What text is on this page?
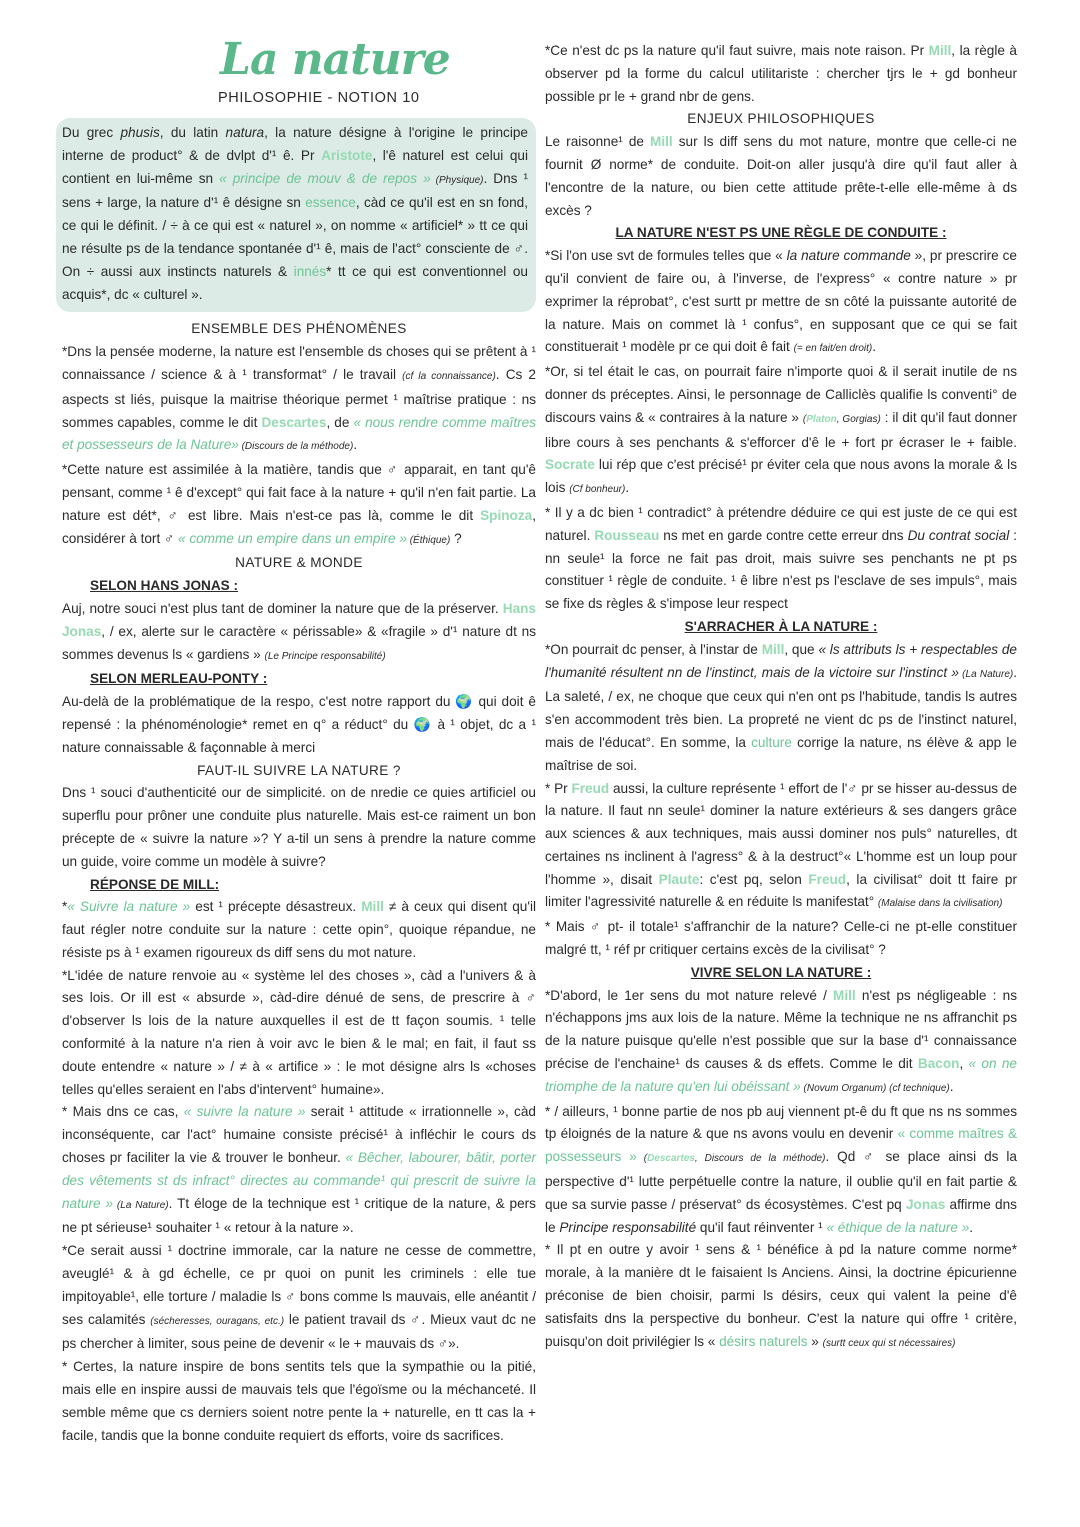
La nature
PHILOSOPHIE - NOTION 10

Du grec phusis, du latin natura, la nature désigne à l'origine le principe interne de product° & de dvlpt d'¹ ê. Pr Aristote, l'ê naturel est celui qui contient en lui-même sn « principe de mouv & de repos » (Physique). Dns ¹ sens + large, la nature d'¹ ê désigne sn essence, càd ce qu'il est en sn fond, ce qui le définit. / ÷ à ce qui est « naturel », on nomme « artificiel* » tt ce qui ne résulte ps de la tendance spontanée d'¹ ê, mais de l'act° consciente de ♂. On ÷ aussi aux instincts naturels & innés* tt ce qui est conventionnel ou acquis*, dc « culturel ».

ENSEMBLE DES PHÉNOMÈNES

*Dns la pensée moderne, la nature est l'ensemble ds choses qui se prêtent à ¹ connaissance / science & à ¹ transformat° / le travail (cf la connaissance). Cs 2 aspects st liés, puisque la maitrise théorique permet ¹ maîtrise pratique : ns sommes capables, comme le dit Descartes, de « nous rendre comme maîtres et possesseurs de la Nature» (Discours de la méthode).

*Cette nature est assimilée à la matière, tandis que ♂ apparait, en tant qu'ê pensant, comme ¹ ê d'except° qui fait face à la nature + qu'il n'en fait partie. La nature est dét*, ♂ est libre. Mais n'est-ce pas là, comme le dit Spinoza, considérer à tort ♂ « comme un empire dans un empire » (Éthique) ?

NATURE & MONDE
SELON HANS JONAS :

Auj, notre souci n'est plus tant de dominer la nature que de la préserver. Hans Jonas, / ex, alerte sur le caractère « périssable» & «fragile » d'¹ nature dt ns sommes devenus ls « gardiens » (Le Principe responsabilité)

SELON MERLEAU-PONTY :

Au-delà de la problématique de la respo, c'est notre rapport du 🌍 qui doit ê repensé : la phénoménologie* remet en q° a réduct° du 🌍 à ¹ objet, dc a ¹ nature connaissable & façonnable à merci

FAUT-IL SUIVRE LA NATURE ?

Dns ¹ souci d'authenticité our de simplicité. on de nredie ce quies artificiel ou superflu pour prôner une conduite plus naturelle. Mais est-ce raiment un bon précepte de « suivre la nature »? Y a-til un sens à prendre la nature comme un guide, voire comme un modèle à suivre?

RÉPONSE DE MILL:

*« Suivre la nature » est ¹ précepte désastreux. Mill ≠ à ceux qui disent qu'il faut régler notre conduite sur la nature : cette opin°, quoique répandue, ne résiste ps à ¹ examen rigoureux ds diff sens du mot nature.

*L'idée de nature renvoie au « système lel des choses », càd a l'univers & à ses lois. Or ill est « absurde », càd-dire dénué de sens, de prescrire à ♂ d'observer ls lois de la nature auxquelles il est de tt façon soumis. ¹ telle conformité à la nature n'a rien à voir avc le bien & le mal; en fait, il faut ss doute entendre « nature » / ≠ à « artifice » : le mot désigne alrs ls «choses telles qu'elles seraient en l'abs d'intervent° humaine».

* Mais dns ce cas, « suivre la nature » serait ¹ attitude « irrationnelle », càd inconséquente, car l'act° humaine consiste précisé¹ à infléchir le cours ds choses pr faciliter la vie & trouver le bonheur. « Bêcher, labourer, bâtir, porter des vêtements st ds infract° directes au commande¹ qui prescrit de suivre la nature » (La Nature). Tt éloge de la technique est ¹ critique de la nature, & pers ne pt sérieuse¹ souhaiter ¹ « retour à la nature ».

*Ce serait aussi ¹ doctrine immorale, car la nature ne cesse de commettre, aveuglé¹ & à gd échelle, ce pr quoi on punit les criminels : elle tue impitoyable¹, elle torture / maladie ls ♂ bons comme ls mauvais, elle anéantit / ses calamités (sécheresses, ouragans, etc.) le patient travail ds ♂. Mieux vaut dc ne ps chercher à limiter, sous peine de devenir « le + mauvais ds ♂».

* Certes, la nature inspire de bons sentits tels que la sympathie ou la pitié, mais elle en inspire aussi de mauvais tels que l'égoïsme ou la méchanceté. Il semble même que cs derniers soient notre pente la + naturelle, en tt cas la + facile, tandis que la bonne conduite requiert ds efforts, voire ds sacrifices.

*Ce n'est dc ps la nature qu'il faut suivre, mais note raison. Pr Mill, la règle à observer pd la forme du calcul utilitariste : chercher tjrs le + gd bonheur possible pr le + grand nbr de gens.

ENJEUX PHILOSOPHIQUES

Le raisonne¹ de Mill sur ls diff sens du mot nature, montre que celle-ci ne fournit Ø norme* de conduite. Doit-on aller jusqu'à dire qu'il faut aller à l'encontre de la nature, ou bien cette attitude prête-t-elle elle-même à ds excès ?

LA NATURE N'EST PS UNE RÈGLE DE CONDUITE :

*Si l'on use svt de formules telles que « la nature commande », pr prescrire ce qu'il convient de faire ou, à l'inverse, de l'express° « contre nature » pr exprimer la réprobat°, c'est surtt pr mettre de sn côté la puissante autorité de la nature. Mais on commet là ¹ confus°, en supposant que ce qui se fait constituerait ¹ modèle pr ce qui doit ê fait (= en fait/en droit).

*Or, si tel était le cas, on pourrait faire n'importe quoi & il serait inutile de ns donner ds préceptes. Ainsi, le personnage de Calliclès qualifie ls conventi° de discours vains & « contraires à la nature » (Platon, Gorgias) : il dit qu'il faut donner libre cours à ses penchants & s'efforcer d'ê le + fort pr écraser le + faible. Socrate lui rép que c'est précisé¹ pr éviter cela que nous avons la morale & ls lois (Cf bonheur).

* Il y a dc bien ¹ contradict° à prétendre déduire ce qui est juste de ce qui est naturel. Rousseau ns met en garde contre cette erreur dns Du contrat social : nn seule¹ la force ne fait pas droit, mais suivre ses penchants ne pt ps constituer ¹ règle de conduite. ¹ ê libre n'est ps l'esclave de ses impuls°, mais se fixe ds règles & s'impose leur respect

S'ARRACHER À LA NATURE :

*On pourrait dc penser, à l'instar de Mill, que « ls attributs ls + respectables de l'humanité résultent nn de l'instinct, mais de la victoire sur l'instinct » (La Nature). La saleté, / ex, ne choque que ceux qui n'en ont ps l'habitude, tandis ls autres s'en accommodent très bien. La propreté ne vient dc ps de l'instinct naturel, mais de l'éducat°. En somme, la culture corrige la nature, ns élève & app le maîtrise de soi.

* Pr Freud aussi, la culture représente ¹ effort de l'♂ pr se hisser au-dessus de la nature. Il faut nn seule¹ dominer la nature extérieurs & ses dangers grâce aux sciences & aux techniques, mais aussi dominer nos puls° naturelles, dt certaines ns inclinent à l'agress° & à la destruct°« L'homme est un loup pour l'homme », disait Plaute: c'est pq, selon Freud, la civilisat° doit tt faire pr limiter l'agressivité naturelle & en réduite ls manifestat° (Malaise dans la civilisation)

* Mais ♂ pt- il totale¹ s'affranchir de la nature? Celle-ci ne pt-elle constituer malgré tt, ¹ réf pr critiquer certains excès de la civilisat° ?

VIVRE SELON LA NATURE :

*D'abord, le 1er sens du mot nature relevé / Mill n'est ps négligeable : ns n'échappons jms aux lois de la nature. Même la technique ne ns affranchit ps de la nature puisque qu'elle n'est possible que sur la base d'¹ connaissance précise de l'enchaine¹ ds causes & ds effets. Comme le dit Bacon, « on ne triomphe de la nature qu'en lui obéissant » (Novum Organum) (cf technique).

* / ailleurs, ¹ bonne partie de nos pb auj viennent pt-ê du ft que ns ns sommes tp éloignés de la nature & que ns avons voulu en devenir « comme maîtres & possesseurs » (Descartes, Discours de la méthode). Qd ♂ se place ainsi ds la perspective d'¹ lutte perpétuelle contre la nature, il oublie qu'il en fait partie & que sa survie passe / préservat° ds écosystèmes. C'est pq Jonas affirme dns le Principe responsabilité qu'il faut réinventer ¹ « éthique de la nature ».

* Il pt en outre y avoir ¹ sens & ¹ bénéfice à pd la nature comme norme* morale, à la manière dt le faisaient ls Anciens. Ainsi, la doctrine épicurienne préconise de bien choisir, parmi ls désirs, ceux qui valent la peine d'ê satisfaits dns la perspective du bonheur. C'est la nature qui offre ¹ critère, puisqu'on doit privilégier ls « désirs naturels » (surtt ceux qui st nécessaires)
